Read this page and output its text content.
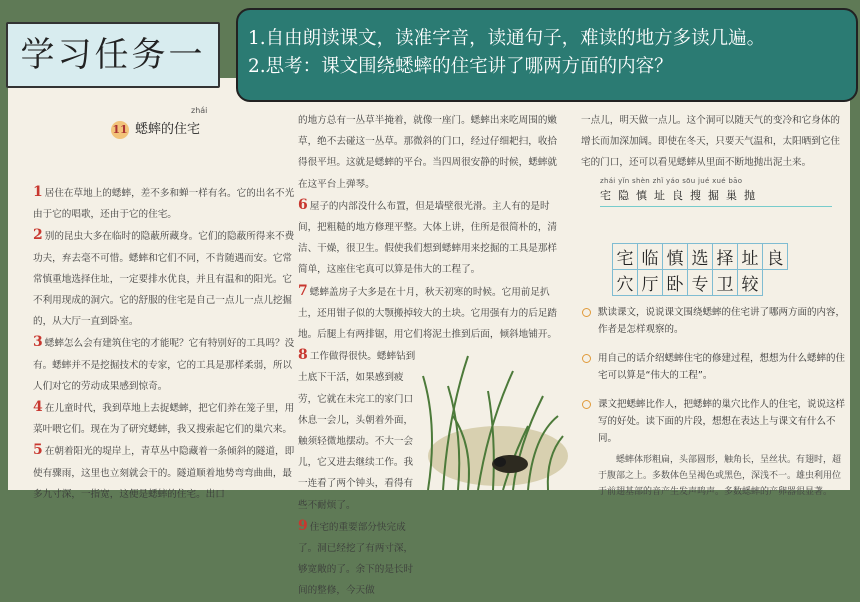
11 蟋蟀的住宅
zhái

1 居住在草地上的蟋蟀，差不多和蝉一样有名。它的出名不光由于它的唱歌，还由于它的住宅。

2 别的昆虫大多在临时的隐蔽所藏身。它们的隐蔽所得来不费功夫，弃去毫不可惜。蟋蟀和它们不同，不肯随遇而安。它常常慎重地选择住址，一定要排水优良，并且有温和的阳光。它不利用现成的洞穴。它的舒服的住宅是自己一点儿一点儿挖掘的，从大厅一直到卧室。

3 蟋蟀怎么会有建筑住宅的才能呢？它有特别好的工具吗？没有。蟋蟀并不是挖掘技术的专家，它的工具是那样柔弱，所以人们对它的劳动成果感到惊奇。

4 在儿童时代，我到草地上去捉蟋蟀，把它们养在笼子里，用菜叶喂它们。现在为了研究蟋蟀，我又搜索起它们的巢穴来。

5 在朝着阳光的堤岸上，青草丛中隐藏着一条倾斜的隧道，即使有骤雨，这里也立刻就会干的。隧道顺着地势弯弯曲曲，最多九寸深，一指宽，这便是蟋蟀的住宅。出口

的地方总有一丛草半掩着，就像一座门。蟋蟀出来吃周围的嫩草，绝不去碰这一丛草。那微斜的门口，经过仔细耙扫，收拾得很平坦。这就是蟋蟀的平台。当四周很安静的时候，蟋蟀就在这平台上弹琴。

6 屋子的内部没什么布置，但是墙壁很光滑。主人有的是时间，把粗糙的地方修理平整。大体上讲，住所是很简朴的，清洁、干燥，很卫生。假使我们想到蟋蟀用来挖掘的工具是那样简单，这座住宅真可以算是伟大的工程了。

7 蟋蟀盖房子大多是在十月，秋天初寒的时候。它用前足扒土，还用钳子似的大颚搬掉较大的土块。它用强有力的后足踏地。后腿上有两排锯，用它们将泥土推到后面，倾斜地铺开。

8 工作做得很快。蟋蟀钻到土底下干活，如果感到疲劳，它就在未完工的家门口休息一会儿，头朝着外面，触须轻微地摆动。不大一会儿，它又进去继续工作。我一连看了两个钟头，看得有些不耐烦了。

9 住宅的重要部分快完成了。洞已经挖了有两寸深，够宽敞的了。余下的是长时间的整修，今天做

一点儿，明天做一点儿。这个洞可以随天气的变冷和它身体的增长而加深加阔。即使在冬天，只要天气温和，太阳晒到它住宅的门口，还可以看见蟋蟀从里面不断地抛出泥土来。

zhái yǐn shèn zhǐ yáo sōu jué xué bāo
宅隐慎址良搜掘巢抛
宅	临	慎	选	择	址	良
穴	厅	卧	专	卫	较	
默读课文，说说课文围绕蟋蟀的住宅讲了哪两方面的内容，作者是怎样观察的。
用自己的话介绍蟋蟀住宅的修建过程，想想为什么蟋蟀的住宅可以算是“伟大的工程”。
课文把蟋蟀比作人，把蟋蟀的巢穴比作人的住宅，说说这样写的好处。读下面的片段，想想在表达上与课文有什么不同。
蟋蟀体形粗扁，头部圆形，触角长，呈丝状。有翅时，超于腹部之上。多数体色呈褐色或黑色，深浅不一。雄虫利用位于前翅基部的音产生发声鸣声。多数蟋蟀的产卵器很显著。
学习任务一	1.自由朗读课文，读准字音，读通句子，难读的地方多读几遍。
2.思考：课文围绕蟋蟀的住宅讲了哪两方面的内容？
